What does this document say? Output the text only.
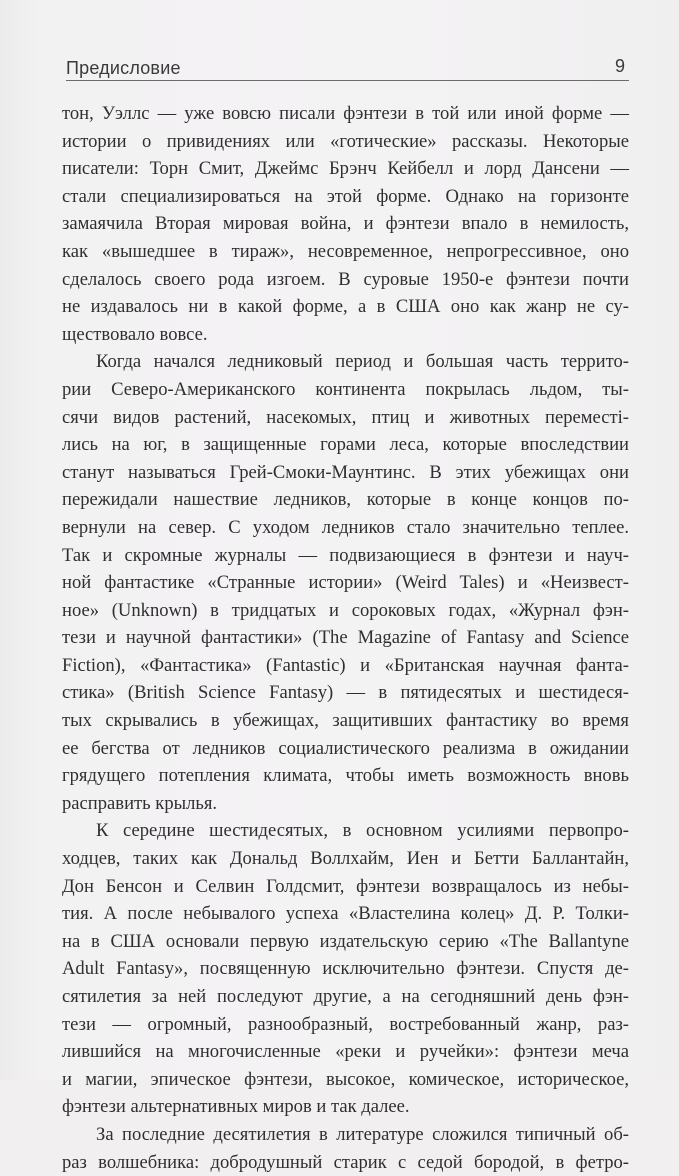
Предисловие	9
тон, Уэллс — уже вовсю писали фэнтези в той или иной форме —
истории о привидениях или «готические» рассказы. Некоторые
писатели: Торн Смит, Джеймс Брэнч Кейбелл и лорд Дансени —
стали специализироваться на этой форме. Однако на горизонте
замаячила Вторая мировая война, и фэнтези впало в немилость,
как «вышедшее в тираж», несовременное, непрогрессивное, оно
сделалось своего рода изгоем. В суровые 1950-е фэнтези почти
не издавалось ни в какой форме, а в США оно как жанр не су-
ществовало вовсе.
Когда начался ледниковый период и большая часть террито-
рии Северо-Американского континента покрылась льдом, ты-
сячи видов растений, насекомых, птиц и животных переместі-
лись на юг, в защищенные горами леса, которые впоследствии
станут называться Грей-Смоки-Маунтинс. В этих убежищах они
пережидали нашествие ледников, которые в конце концов по-
вернули на север. С уходом ледников стало значительно теплее.
Так и скромные журналы — подвизающиеся в фэнтези и науч-
ной фантастике «Странные истории» (Weird Tales) и «Неизвест-
ное» (Unknown) в тридцатых и сороковых годах, «Журнал фэн-
тези и научной фантастики» (The Magazine of Fantasy and Science
Fiction), «Фантастика» (Fantastic) и «Британская научная фанта-
стика» (British Science Fantasy) — в пятидесятых и шестидеся-
тых скрывались в убежищах, защитивших фантастику во время
ее бегства от ледников социалистического реализма в ожидании
грядущего потепления климата, чтобы иметь возможность вновь
расправить крылья.
К середине шестидесятых, в основном усилиями первопро-
ходцев, таких как Дональд Воллхайм, Иен и Бетти Баллантайн,
Дон Бенсон и Селвин Голдсмит, фэнтези возвращалось из небы-
тия. А после небывалого успеха «Властелина колец» Д. Р. Толки-
на в США основали первую издательскую серию «The Ballantyne
Adult Fantasy», посвященную исключительно фэнтези. Спустя де-
сятилетия за ней последуют другие, а на сегодняшний день фэн-
тези — огромный, разнообразный, востребованный жанр, раз-
лившийся на многочисленные «реки и ручейки»: фэнтези меча
и магии, эпическое фэнтези, высокое, комическое, историческое,
фэнтези альтернативных миров и так далее.
За последние десятилетия в литературе сложился типичный об-
раз волшебника: добродушный старик с седой бородой, в фетро-
